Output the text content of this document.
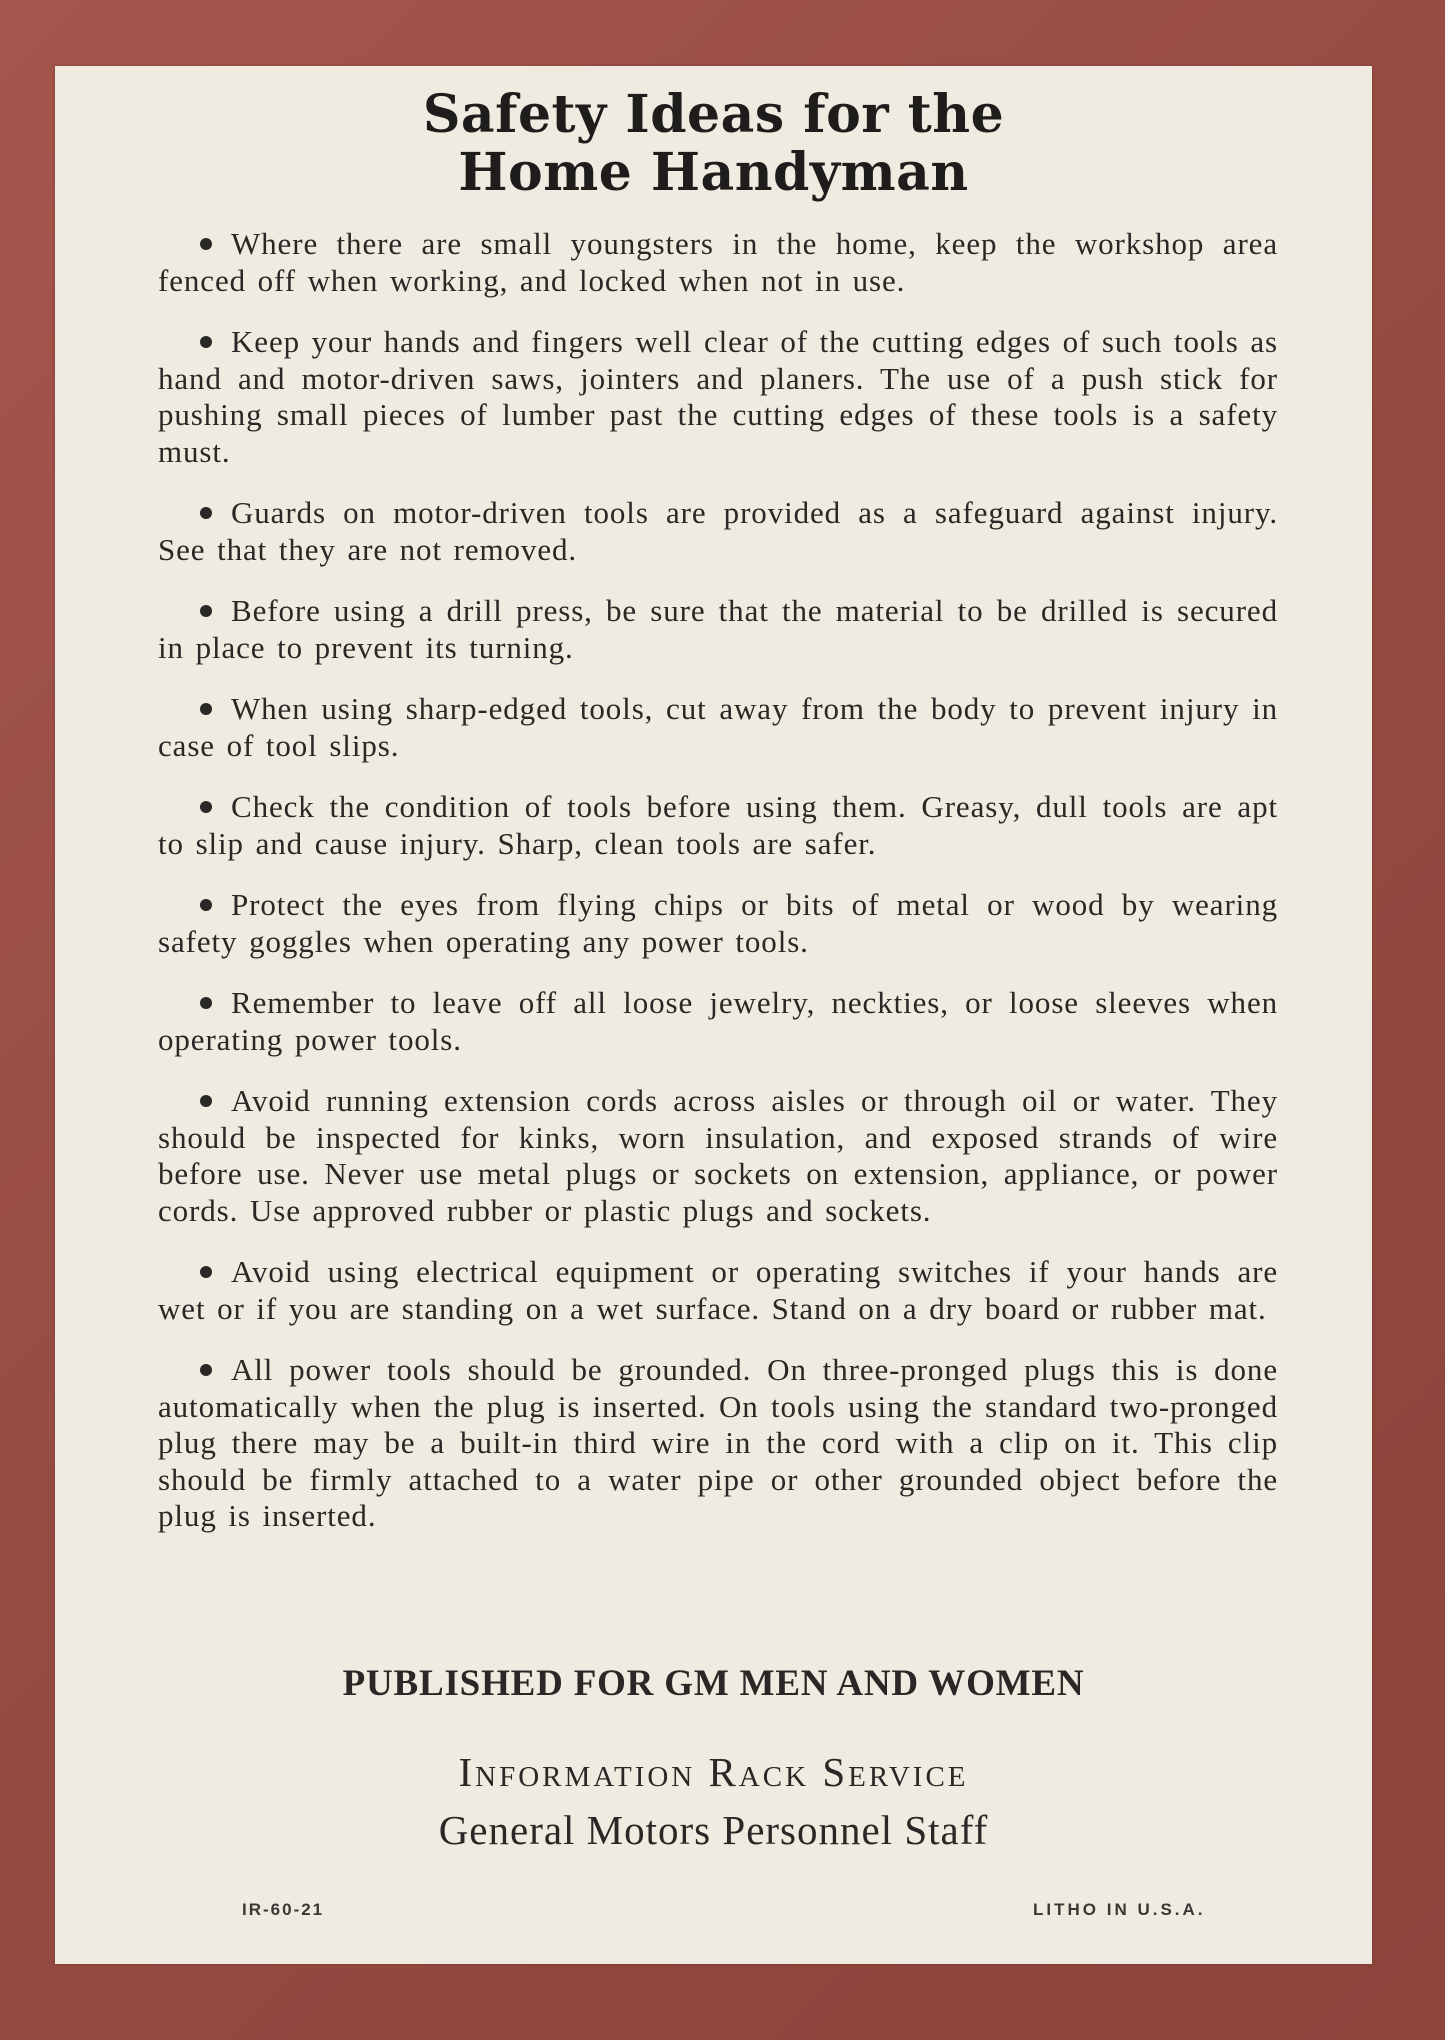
Safety Ideas for the
Home Handyman

Where there are small youngsters in the home, keep the workshop area fenced off when working, and locked when not in use.

Keep your hands and fingers well clear of the cutting edges of such tools as hand and motor-driven saws, jointers and planers. The use of a push stick for pushing small pieces of lumber past the cutting edges of these tools is a safety must.

Guards on motor-driven tools are provided as a safeguard against injury. See that they are not removed.

Before using a drill press, be sure that the material to be drilled is secured in place to prevent its turning.

When using sharp-edged tools, cut away from the body to prevent injury in case of tool slips.

Check the condition of tools before using them. Greasy, dull tools are apt to slip and cause injury. Sharp, clean tools are safer.

Protect the eyes from flying chips or bits of metal or wood by wearing safety goggles when operating any power tools.

Remember to leave off all loose jewelry, neckties, or loose sleeves when operating power tools.

Avoid running extension cords across aisles or through oil or water. They should be inspected for kinks, worn insulation, and exposed strands of wire before use. Never use metal plugs or sockets on extension, appliance, or power cords. Use approved rubber or plastic plugs and sockets.

Avoid using electrical equipment or operating switches if your hands are wet or if you are standing on a wet surface. Stand on a dry board or rubber mat.

All power tools should be grounded. On three-pronged plugs this is done automatically when the plug is inserted. On tools using the standard two-pronged plug there may be a built-in third wire in the cord with a clip on it. This clip should be firmly attached to a water pipe or other grounded object before the plug is inserted.

PUBLISHED FOR GM MEN AND WOMEN
Information Rack Service
General Motors Personnel Staff
IR-60-21	LITHO IN U.S.A.
